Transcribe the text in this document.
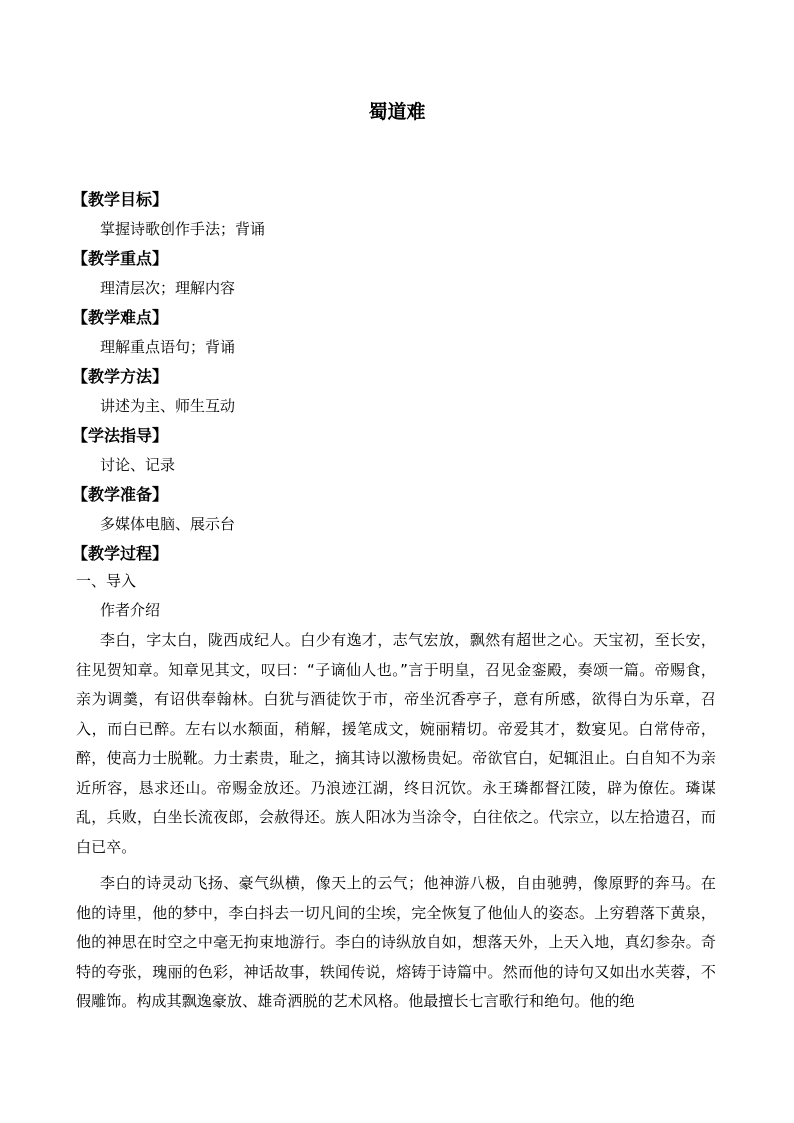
蜀道难
【教学目标】
掌握诗歌创作手法；背诵
【教学重点】
理清层次；理解内容
【教学难点】
理解重点语句；背诵
【教学方法】
讲述为主、师生互动
【学法指导】
讨论、记录
【教学准备】
多媒体电脑、展示台
【教学过程】
一、导入
作者介绍

李白，字太白，陇西成纪人。白少有逸才，志气宏放，飘然有超世之心。天宝初，至长安，往见贺知章。知章见其文，叹曰：“子谪仙人也。”言于明皇，召见金銮殿，奏颂一篇。帝赐食，亲为调羹，有诏供奉翰林。白犹与酒徒饮于市，帝坐沉香亭子，意有所感，欲得白为乐章，召入，而白已醉。左右以水颒面，稍解，援笔成文，婉丽精切。帝爱其才，数宴见。白常侍帝，醉，使高力士脱靴。力士素贵，耻之，摘其诗以激杨贵妃。帝欲官白，妃辄沮止。白自知不为亲近所容，恳求还山。帝赐金放还。乃浪迹江湖，终日沉饮。永王璘都督江陵，辟为僚佐。璘谋乱，兵败，白坐长流夜郎，会赦得还。族人阳冰为当涂令，白往依之。代宗立，以左拾遗召，而白已卒。

李白的诗灵动飞扬、豪气纵横，像天上的云气；他神游八极，自由驰骋，像原野的奔马。在他的诗里，他的梦中，李白抖去一切凡间的尘埃，完全恢复了他仙人的姿态。上穷碧落下黄泉，他的神思在时空之中毫无拘束地游行。李白的诗纵放自如，想落天外，上天入地，真幻参杂。奇特的夸张，瑰丽的色彩，神话故事，轶闻传说，熔铸于诗篇中。然而他的诗句又如出水芙蓉，不假雕饰。构成其飘逸豪放、雄奇洒脱的艺术风格。他最擅长七言歌行和绝句。他的绝
